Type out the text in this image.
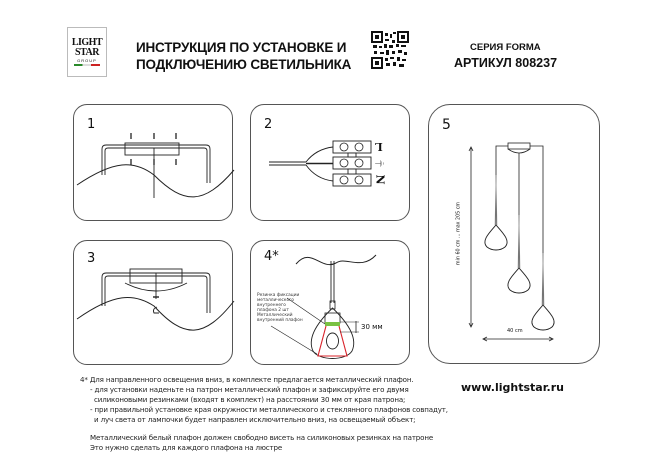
LIGHT
STAR
GROUP
ИНСТРУКЦИЯ ПО УСТАНОВКЕ И
ПОДКЛЮЧЕНИЮ СВЕТИЛЬНИКА
СЕРИЯ FORMA
АРТИКУЛ 808237
1	2
L
⏚
N
3	4*
Резинка фиксации металлического внутреннего плафона 2 шт
Металлический внутренний плафон
30 мм
5
min 60 cm ... max 205 cm
40 cm
4* Для направленного освещения вниз, в комплекте предлагается металлический плафон.
- для установки наденьте на патрон металлический плафон и зафиксируйте его двумя
силиконовыми резинками (входят в комплект) на расстоянии 30 мм от края патрона;
- при правильной установке края окружности металлического и стеклянного плафонов совпадут,
и луч света от лампочки будет направлен исключительно вниз, на освещаемый объект;
Металлический белый плафон должен свободно висеть на силиконовых резинках на патроне
Это нужно сделать для каждого плафона на люстре
www.lightstar.ru
